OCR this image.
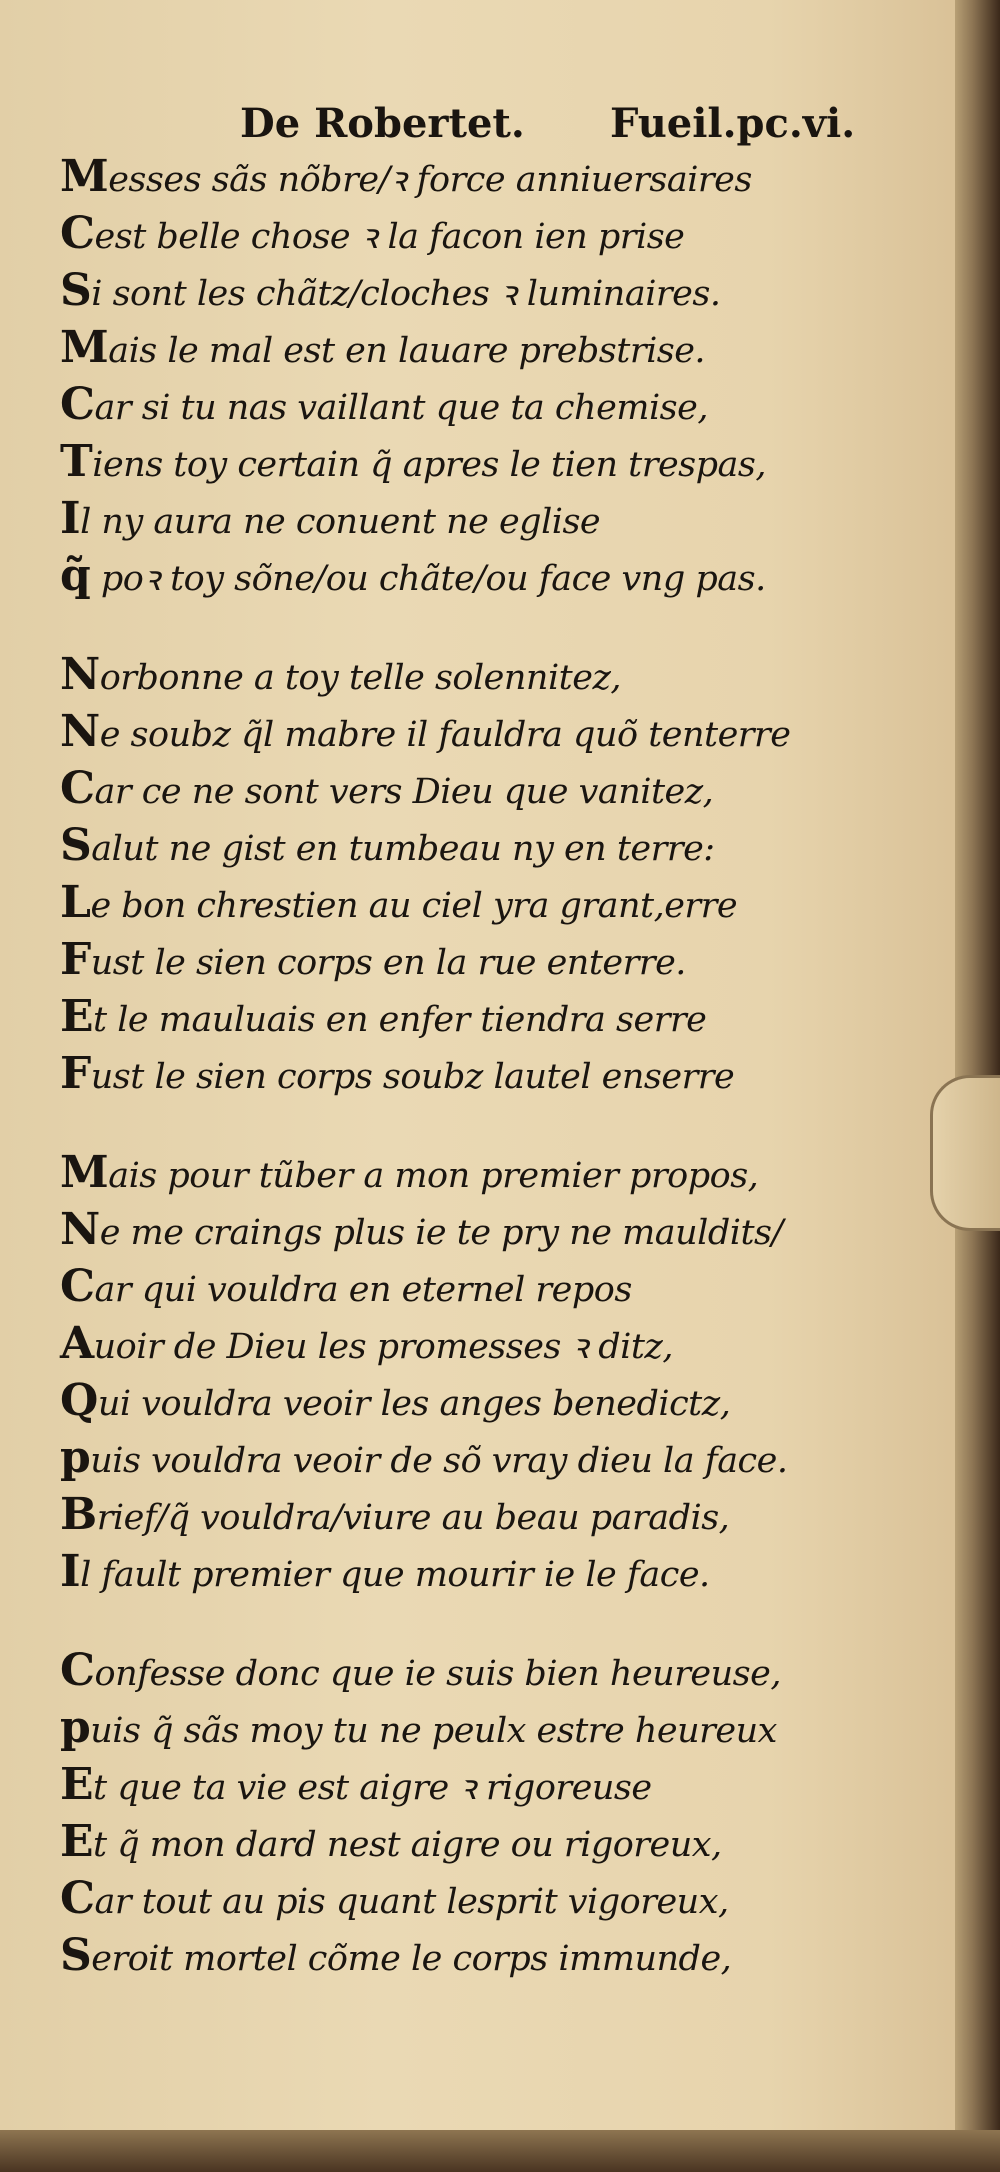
De Robertet. Fueil.pc.vi.
Messes sãs nõbre/ꝛ force anniuersaires
Cest belle chose ꝛ la facon ien prise
Si sont les chãtz/cloches ꝛ luminaires.
Mais le mal est en lauare prebstrise.
Car si tu nas vaillant que ta chemise,
Tiens toy certain q̃ apres le tien trespas,
Il ny aura ne conuent ne eglise
q̃ poꝛ toy sõne/ou chãte/ou face vng pas.
Norbonne a toy telle solennitez,
Ne soubz q̃l mabre il fauldra quõ tenterre
Car ce ne sont vers Dieu que vanitez,
Salut ne gist en tumbeau ny en terre:
Le bon chrestien au ciel yra grant,erre
Fust le sien corps en la rue enterre.
Et le mauluais en enfer tiendra serre
Fust le sien corps soubz lautel enserre
Mais pour tũber a mon premier propos,
Ne me craings plus ie te pry ne mauldits/
Car qui vouldra en eternel repos
Auoir de Dieu les promesses ꝛ ditz,
Qui vouldra veoir les anges benedictz,
puis vouldra veoir de sõ vray dieu la face.
Brief/q̃ vouldra/viure au beau paradis,
Il fault premier que mourir ie le face.
Confesse donc que ie suis bien heureuse,
puis q̃ sãs moy tu ne peulx estre heureux
Et que ta vie est aigre ꝛ rigoreuse
Et q̃ mon dard nest aigre ou rigoreux,
Car tout au pis quant lesprit vigoreux,
Seroit mortel cõme le corps immunde,
